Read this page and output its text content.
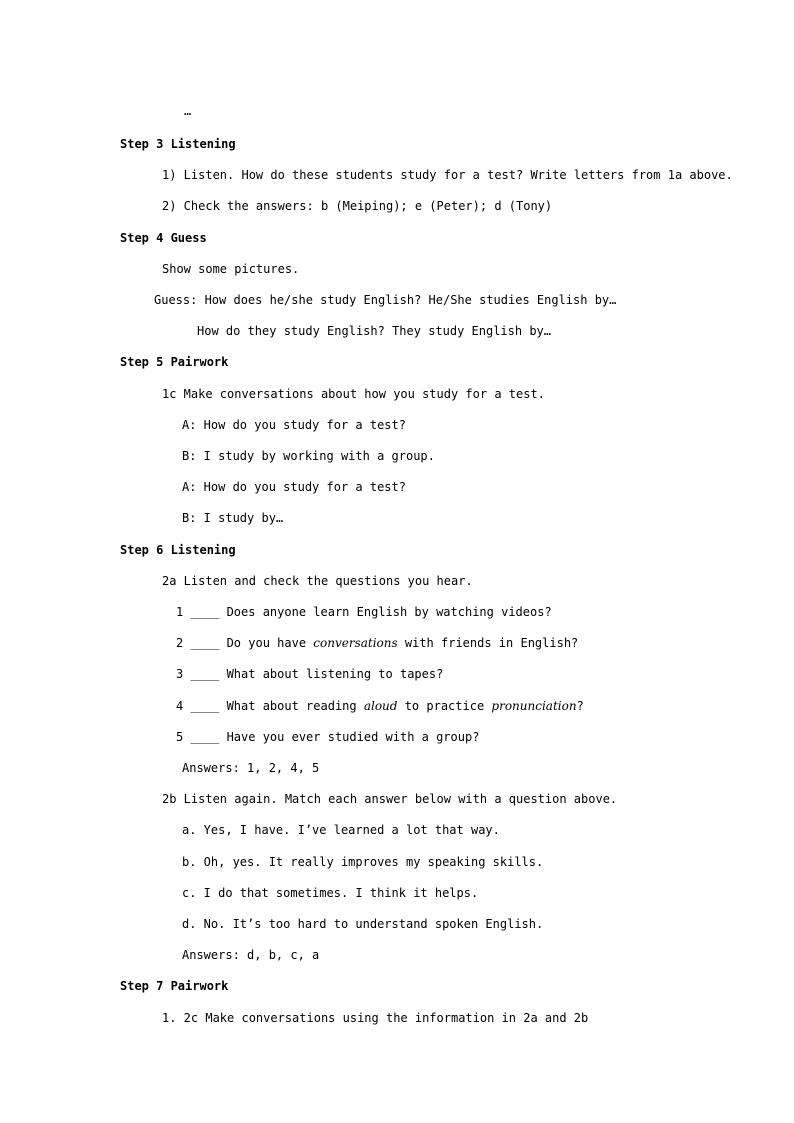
…
Step 3 Listening
1) Listen. How do these students study for a test? Write letters from 1a above.
2) Check the answers: b (Meiping); e (Peter); d (Tony)
Step 4 Guess
Show some pictures.
Guess: How does he/she study English? He/She studies English by…
How do they study English? They study English by…
Step 5 Pairwork
1c Make conversations about how you study for a test.
A: How do you study for a test?
B: I study by working with a group.
A: How do you study for a test?
B: I study by…
Step 6 Listening
2a Listen and check the questions you hear.
1 ____ Does anyone learn English by watching videos?
2 ____ Do you have conversations with friends in English?
3 ____ What about listening to tapes?
4 ____ What about reading aloud to practice pronunciation?
5 ____ Have you ever studied with a group?
Answers: 1, 2, 4, 5
2b Listen again. Match each answer below with a question above.
a. Yes, I have. I’ve learned a lot that way.
b. Oh, yes. It really improves my speaking skills.
c. I do that sometimes. I think it helps.
d. No. It’s too hard to understand spoken English.
Answers: d, b, c, a
Step 7 Pairwork
1. 2c Make conversations using the information in 2a and 2b
